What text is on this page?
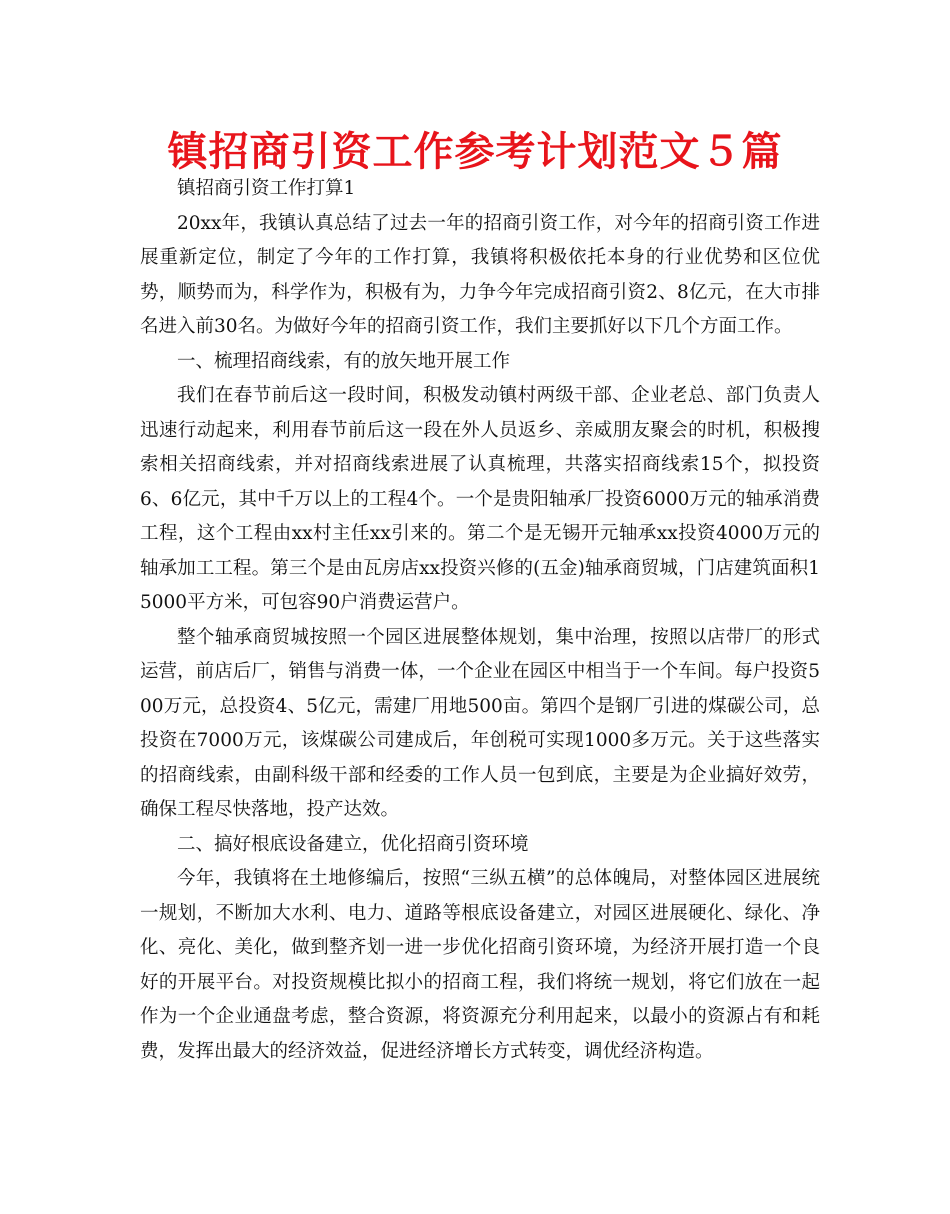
镇招商引资工作参考计划范文５篇

镇招商引资工作打算1

20xx年，我镇认真总结了过去一年的招商引资工作，对今年的招商引资工作进展重新定位，制定了今年的工作打算，我镇将积极依托本身的行业优势和区位优势，顺势而为，科学作为，积极有为，力争今年完成招商引资2、8亿元，在大市排名进入前30名。为做好今年的招商引资工作，我们主要抓好以下几个方面工作。

一、梳理招商线索，有的放矢地开展工作

我们在春节前后这一段时间，积极发动镇村两级干部、企业老总、部门负责人迅速行动起来，利用春节前后这一段在外人员返乡、亲威朋友聚会的时机，积极搜索相关招商线索，并对招商线索进展了认真梳理，共落实招商线索15个，拟投资6、6亿元，其中千万以上的工程4个。一个是贵阳轴承厂投资6000万元的轴承消费工程，这个工程由xx村主任xx引来的。第二个是无锡开元轴承xx投资4000万元的轴承加工工程。第三个是由瓦房店xx投资兴修的(五金)轴承商贸城，门店建筑面积15000平方米，可包容90户消费运营户。

整个轴承商贸城按照一个园区进展整体规划，集中治理，按照以店带厂的形式运营，前店后厂，销售与消费一体，一个企业在园区中相当于一个车间。每户投资500万元，总投资4、5亿元，需建厂用地500亩。第四个是钢厂引进的煤碳公司，总投资在7000万元，该煤碳公司建成后，年创税可实现1000多万元。关于这些落实的招商线索，由副科级干部和经委的工作人员一包到底，主要是为企业搞好效劳，确保工程尽快落地，投产达效。

二、搞好根底设备建立，优化招商引资环境

今年，我镇将在土地修编后，按照“三纵五横”的总体魄局，对整体园区进展统一规划，不断加大水利、电力、道路等根底设备建立，对园区进展硬化、绿化、净化、亮化、美化，做到整齐划一进一步优化招商引资环境，为经济开展打造一个良好的开展平台。对投资规模比拟小的招商工程，我们将统一规划，将它们放在一起作为一个企业通盘考虑，整合资源，将资源充分利用起来，以最小的资源占有和耗费，发挥出最大的经济效益，促进经济增长方式转变，调优经济构造。
